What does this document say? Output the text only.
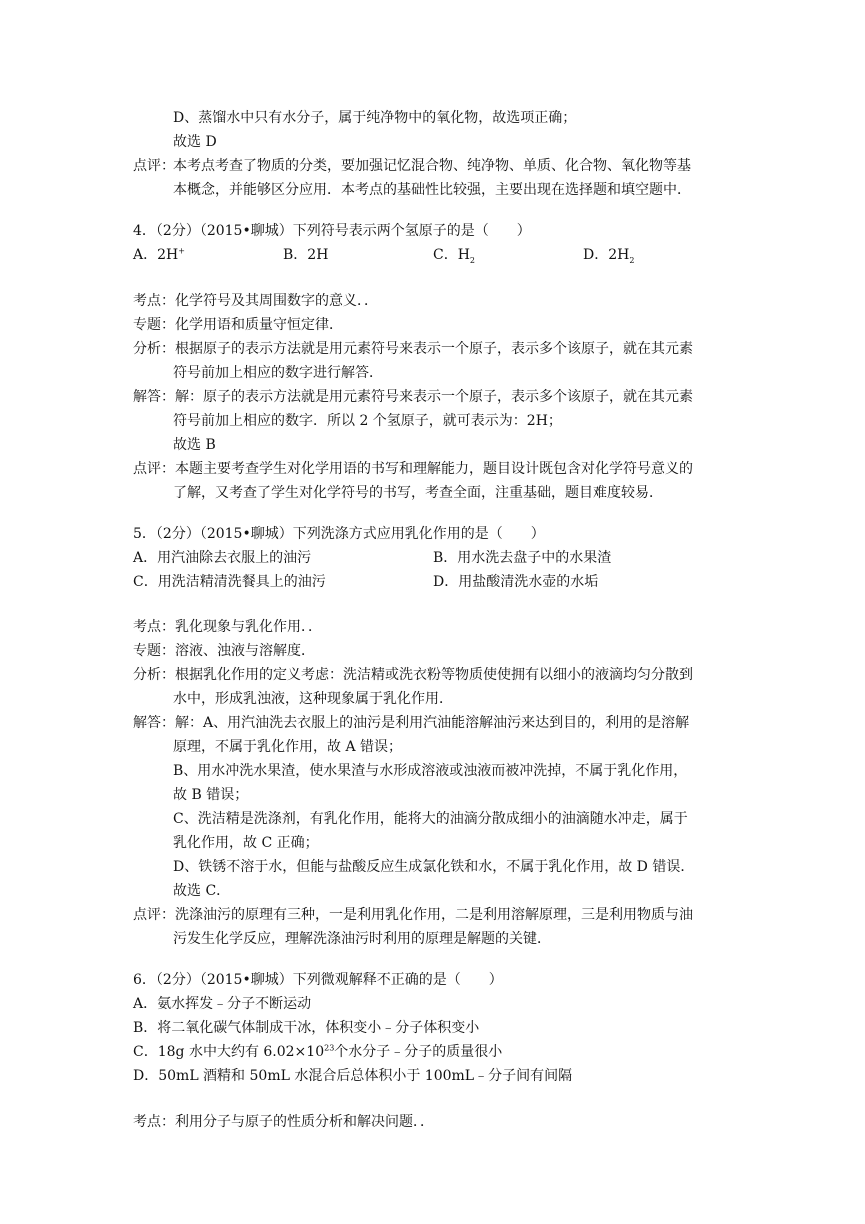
D、蒸馏水中只有水分子，属于纯净物中的氧化物，故选项正确；
故选 D
点评：
本考点考查了物质的分类，要加强记忆混合物、纯净物、单质、化合物、氧化物等基
本概念，并能够区分应用．本考点的基础性比较强，主要出现在选择题和填空题中．
4．（2分）（2015•聊城）下列符号表示两个氢原子的是（　　）
A．2H+	B．2H	C．$H_2$	D．$2H_2$
考点：化学符号及其周围数字的意义．．
专题：化学用语和质量守恒定律．
分析：根据原子的表示方法就是用元素符号来表示一个原子，表示多个该原子，就在其元素
符号前加上相应的数字进行解答．
解答：解：原子的表示方法就是用元素符号来表示一个原子，表示多个该原子，就在其元素
符号前加上相应的数字．所以 2 个氢原子，就可表示为：2H；
故选 B
点评：本题主要考查学生对化学用语的书写和理解能力，题目设计既包含对化学符号意义的
了解，又考查了学生对化学符号的书写，考查全面，注重基础，题目难度较易．
5．（2分）（2015•聊城）下列洗涤方式应用乳化作用的是（　　）
A．用汽油除去衣服上的油污	B．用水洗去盘子中的水果渣
C．用洗洁精清洗餐具上的油污	D．用盐酸清洗水壶的水垢
考点：乳化现象与乳化作用．．
专题：溶液、浊液与溶解度．
分析：根据乳化作用的定义考虑：洗洁精或洗衣粉等物质使使拥有以细小的液滴均匀分散到
水中，形成乳浊液，这种现象属于乳化作用．
解答：解：A、用汽油洗去衣服上的油污是利用汽油能溶解油污来达到目的，利用的是溶解
原理，不属于乳化作用，故 A 错误；
B、用水冲洗水果渣，使水果渣与水形成溶液或浊液而被冲洗掉，不属于乳化作用，
故 B 错误；
C、洗洁精是洗涤剂，有乳化作用，能将大的油滴分散成细小的油滴随水冲走，属于
乳化作用，故 C 正确；
D、铁锈不溶于水，但能与盐酸反应生成氯化铁和水，不属于乳化作用，故 D 错误．
故选 C．
点评：洗涤油污的原理有三种，一是利用乳化作用，二是利用溶解原理，三是利用物质与油
污发生化学反应，理解洗涤油污时利用的原理是解题的关键．
6．（2分）（2015•聊城）下列微观解释不正确的是（　　）
A．氨水挥发﹣分子不断运动
B．将二氧化碳气体制成干冰，体积变小﹣分子体积变小
C．18g 水中大约有 $6.02\times 10^{23}$个水分子﹣分子的质量很小
D．50mL 酒精和 50mL 水混合后总体积小于 100mL﹣分子间有间隔
考点：利用分子与原子的性质分析和解决问题．．
